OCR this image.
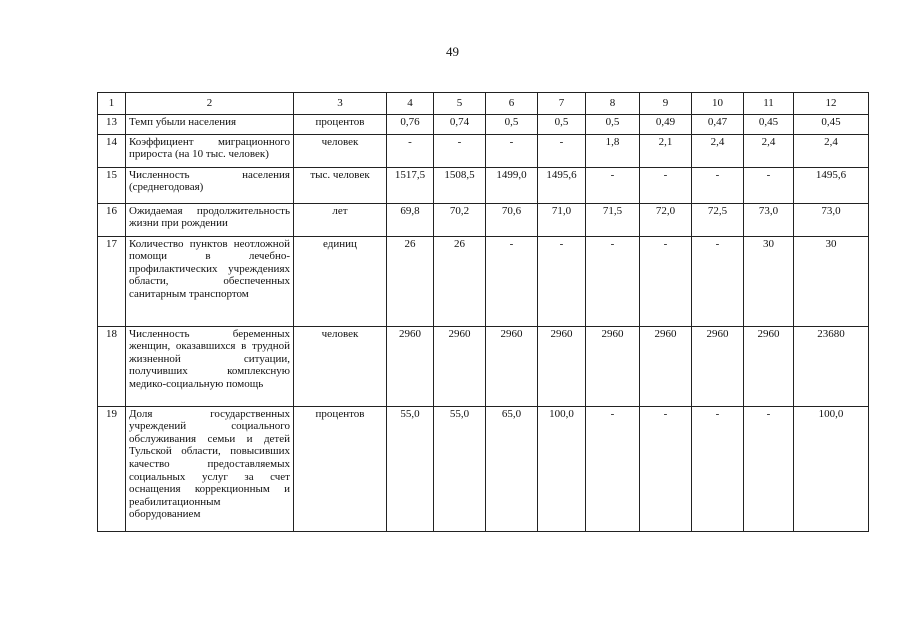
49
1	2	3	4	5	6	7	8	9	10	11	12
13	Темп убыли населения	процентов	0,76	0,74	0,5	0,5	0,5	0,49	0,47	0,45	0,45
14	Коэффициент миграционного прироста (на 10 тыс. человек)	человек	-	-	-	-	1,8	2,1	2,4	2,4	2,4
15	Численность населения (среднегодовая)	тыс. человек	1517,5	1508,5	1499,0	1495,6	-	-	-	-	1495,6
16	Ожидаемая продолжительность жизни при рождении	лет	69,8	70,2	70,6	71,0	71,5	72,0	72,5	73,0	73,0
17	Количество пунктов неотложной помощи в лечебно-профилактических учреждениях области, обеспеченных санитарным транспортом	единиц	26	26	-	-	-	-	-	30	30
18	Численность беременных женщин, оказавшихся в трудной жизненной ситуации, получивших комплексную медико-социальную помощь	человек	2960	2960	2960	2960	2960	2960	2960	2960	23680
19	Доля государственных учреждений социального обслуживания семьи и детей Тульской области, повысивших качество предоставляемых социальных услуг за счет оснащения коррекционным и реабилитационным оборудованием	процентов	55,0	55,0	65,0	100,0	-	-	-	-	100,0
